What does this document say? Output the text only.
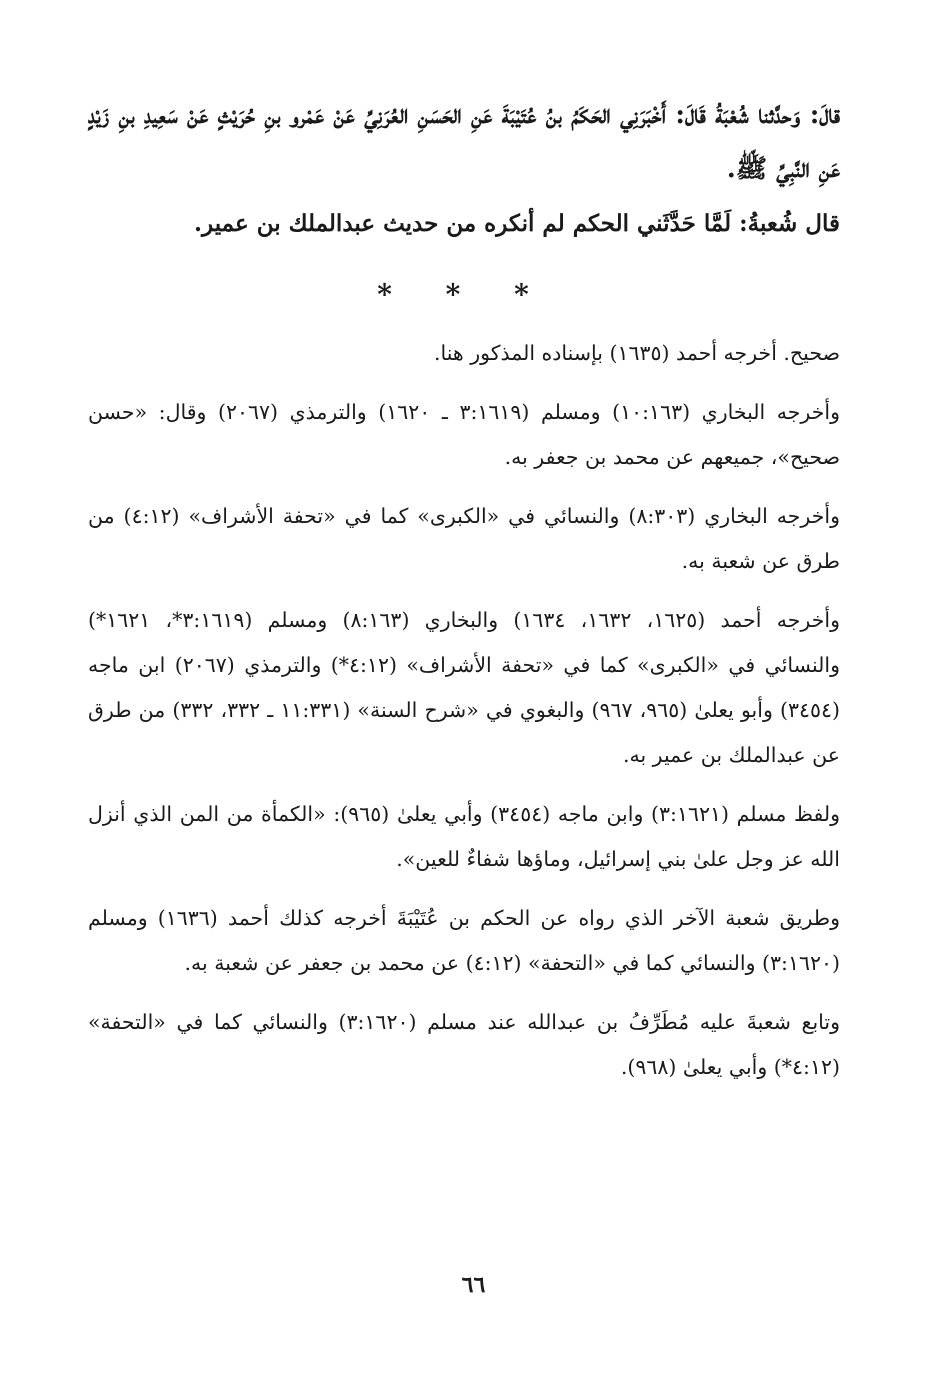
قالَ: وَحدَّثنا شُعْبَةُ قَالَ: أَخْبَرَنِي الحَكَمُ بنُ عُتَيْبَةَ عَنِ الحَسَنِ العُرَنِيِّ عَنْ عَمْرو بنِ حُرَيْثٍ عَنْ سَعِيدِ بنِ زَيْدٍ عَنِ النَّبِيِّ ﷺ.

قال شُعبةُ: لَمَّا حَدَّثَني الحكم لم أنكره من حديث عبدالملك بن عمير.

* * *

صحيح. أخرجه أحمد (١٦٣٥) بإسناده المذكور هنا.

وأخرجه البخاري (١٠:١٦٣) ومسلم (٣:١٦١٩ ـ ١٦٢٠) والترمذي (٢٠٦٧) وقال: «حسن صحيح»، جميعهم عن محمد بن جعفر به.

وأخرجه البخاري (٨:٣٠٣) والنسائي في «الكبرى» كما في «تحفة الأشراف» (٤:١٢) من طرق عن شعبة به.

وأخرجه أحمد (١٦٢٥، ١٦٣٢، ١٦٣٤) والبخاري (٨:١٦٣) ومسلم (٣:١٦١٩*، ١٦٢١*) والنسائي في «الكبرى» كما في «تحفة الأشراف» (٤:١٢*) والترمذي (٢٠٦٧) ابن ماجه (٣٤٥٤) وأبو يعلىٰ (٩٦٥، ٩٦٧) والبغوي في «شرح السنة» (١١:٣٣١ ـ ٣٣٢، ٣٣٢) من طرق عن عبدالملك بن عمير به.

ولفظ مسلم (٣:١٦٢١) وابن ماجه (٣٤٥٤) وأبي يعلىٰ (٩٦٥): «الكمأة من المن الذي أنزل الله عز وجل علىٰ بني إسرائيل، وماؤها شفاءٌ للعين».

وطريق شعبة الآخر الذي رواه عن الحكم بن عُتَيْبَةَ أخرجه كذلك أحمد (١٦٣٦) ومسلم (٣:١٦٢٠) والنسائي كما في «التحفة» (٤:١٢) عن محمد بن جعفر عن شعبة به.

وتابع شعبةَ عليه مُطَرِّفُ بن عبدالله عند مسلم (٣:١٦٢٠) والنسائي كما في «التحفة» (٤:١٢*) وأبي يعلىٰ (٩٦٨).

٦٦
